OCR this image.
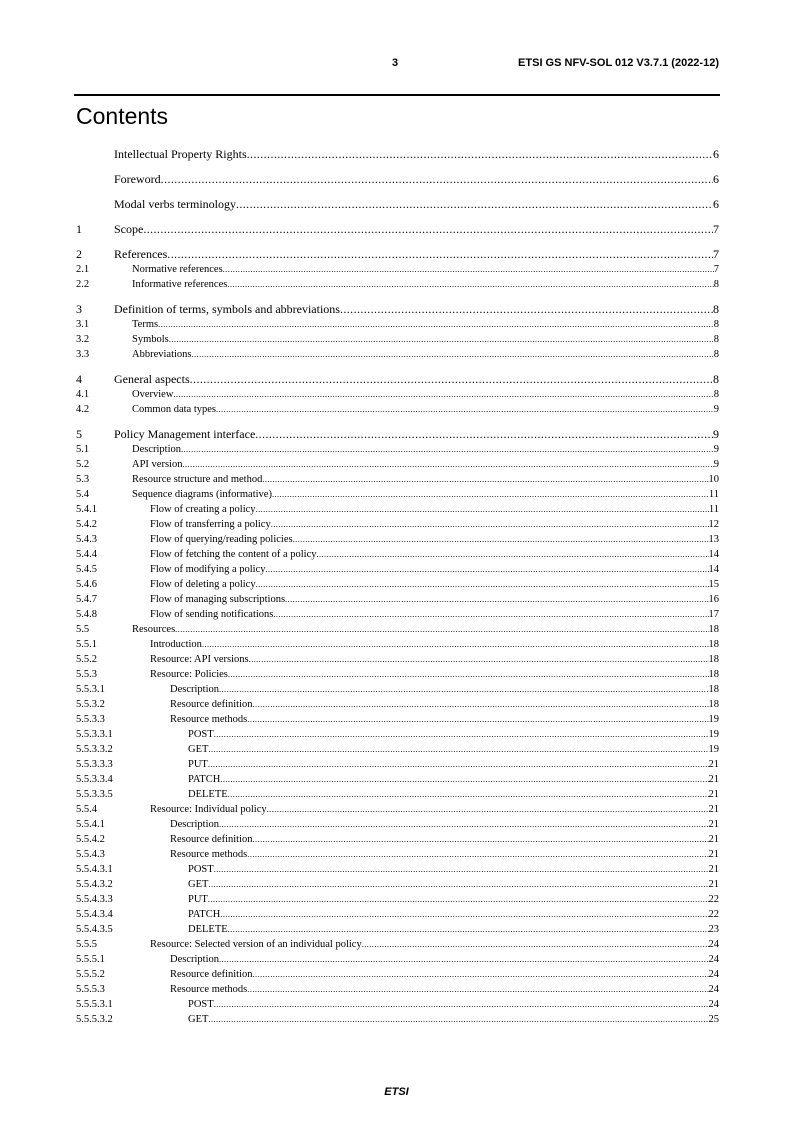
3	ETSI GS NFV-SOL 012 V3.7.1 (2022-12)
Contents
Intellectual Property Rights .....	6
Foreword .....	6
Modal verbs terminology .....	6
1	Scope .....	7
2	References .....	7
2.1	Normative references .....	7
2.2	Informative references .....	8
3	Definition of terms, symbols and abbreviations .....	8
3.1	Terms .....	8
3.2	Symbols .....	8
3.3	Abbreviations .....	8
4	General aspects .....	8
4.1	Overview .....	8
4.2	Common data types .....	9
5	Policy Management interface .....	9
5.1	Description .....	9
5.2	API version .....	9
5.3	Resource structure and method .....	10
5.4	Sequence diagrams (informative) .....	11
5.4.1	Flow of creating a policy .....	11
5.4.2	Flow of transferring a policy .....	12
5.4.3	Flow of querying/reading policies .....	13
5.4.4	Flow of fetching the content of a policy .....	14
5.4.5	Flow of modifying a policy .....	14
5.4.6	Flow of deleting a policy .....	15
5.4.7	Flow of managing subscriptions .....	16
5.4.8	Flow of sending notifications .....	17
5.5	Resources .....	18
5.5.1	Introduction .....	18
5.5.2	Resource: API versions .....	18
5.5.3	Resource: Policies .....	18
5.5.3.1	Description .....	18
5.5.3.2	Resource definition .....	18
5.5.3.3	Resource methods .....	19
5.5.3.3.1	POST .....	19
5.5.3.3.2	GET .....	19
5.5.3.3.3	PUT .....	21
5.5.3.3.4	PATCH .....	21
5.5.3.3.5	DELETE .....	21
5.5.4	Resource: Individual policy .....	21
5.5.4.1	Description .....	21
5.5.4.2	Resource definition .....	21
5.5.4.3	Resource methods .....	21
5.5.4.3.1	POST .....	21
5.5.4.3.2	GET .....	21
5.5.4.3.3	PUT .....	22
5.5.4.3.4	PATCH .....	22
5.5.4.3.5	DELETE .....	23
5.5.5	Resource: Selected version of an individual policy .....	24
5.5.5.1	Description .....	24
5.5.5.2	Resource definition .....	24
5.5.5.3	Resource methods .....	24
5.5.5.3.1	POST .....	24
5.5.5.3.2	GET .....	25
ETSI
